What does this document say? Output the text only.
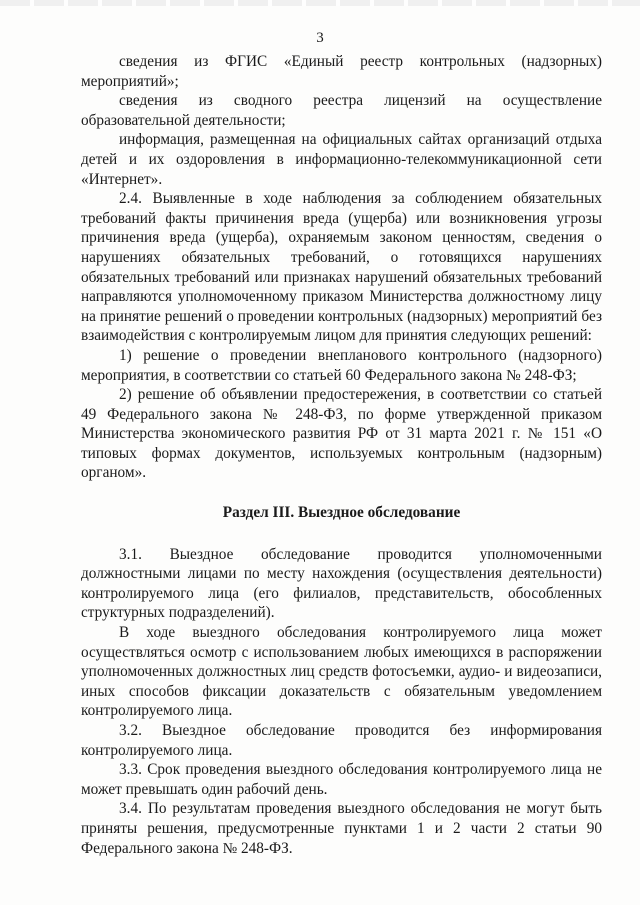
3

сведения из ФГИС «Единый реестр контрольных (надзорных) мероприятий»;

сведения из сводного реестра лицензий на осуществление образовательной деятельности;

информация, размещенная на официальных сайтах организаций отдыха детей и их оздоровления в информационно-телекоммуникационной сети «Интернет».

2.4. Выявленные в ходе наблюдения за соблюдением обязательных требований факты причинения вреда (ущерба) или возникновения угрозы причинения вреда (ущерба), охраняемым законом ценностям, сведения о нарушениях обязательных требований, о готовящихся нарушениях обязательных требований или признаках нарушений обязательных требований направляются уполномоченному приказом Министерства должностному лицу на принятие решений о проведении контрольных (надзорных) мероприятий без взаимодействия с контролируемым лицом для принятия следующих решений:

1) решение о проведении внепланового контрольного (надзорного) мероприятия, в соответствии со статьей 60 Федерального закона № 248-ФЗ;

2) решение об объявлении предостережения, в соответствии со статьей 49 Федерального закона № 248-ФЗ, по форме утвержденной приказом Министерства экономического развития РФ от 31 марта 2021 г. № 151 «О типовых формах документов, используемых контрольным (надзорным) органом».

Раздел III. Выездное обследование

3.1. Выездное обследование проводится уполномоченными должностными лицами по месту нахождения (осуществления деятельности) контролируемого лица (его филиалов, представительств, обособленных структурных подразделений).

В ходе выездного обследования контролируемого лица может осуществляться осмотр с использованием любых имеющихся в распоряжении уполномоченных должностных лиц средств фотосъемки, аудио- и видеозаписи, иных способов фиксации доказательств с обязательным уведомлением контролируемого лица.

3.2. Выездное обследование проводится без информирования контролируемого лица.

3.3. Срок проведения выездного обследования контролируемого лица не может превышать один рабочий день.

3.4. По результатам проведения выездного обследования не могут быть приняты решения, предусмотренные пунктами 1 и 2 части 2 статьи 90 Федерального закона № 248-ФЗ.
